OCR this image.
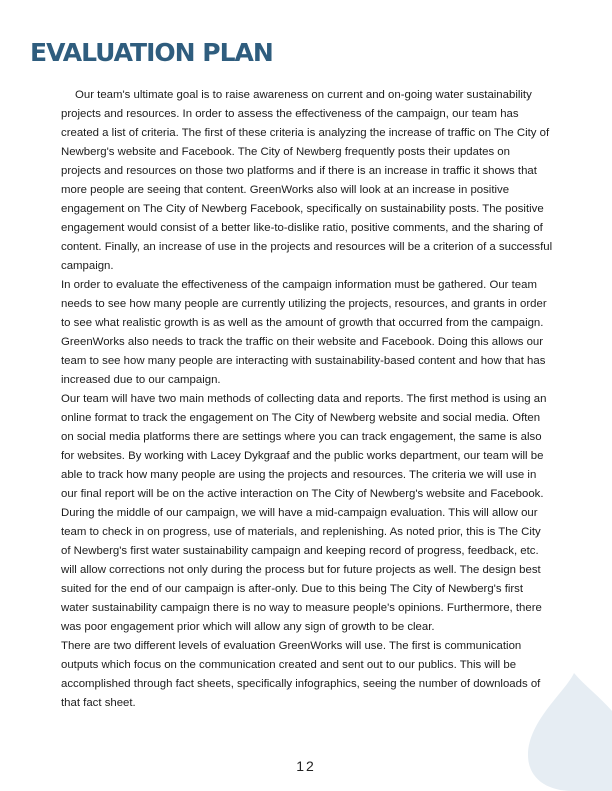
EVALUATION PLAN

Our team's ultimate goal is to raise awareness on current and on-going water sustainability projects and resources. In order to assess the effectiveness of the campaign, our team has created a list of criteria. The first of these criteria is analyzing the increase of traffic on The City of Newberg's website and Facebook. The City of Newberg frequently posts their updates on projects and resources on those two platforms and if there is an increase in traffic it shows that more people are seeing that content. GreenWorks also will look at an increase in positive engagement on The City of Newberg Facebook, specifically on sustainability posts. The positive engagement would consist of a better like-to-dislike ratio, positive comments, and the sharing of content. Finally, an increase of use in the projects and resources will be a criterion of a successful campaign.

In order to evaluate the effectiveness of the campaign information must be gathered. Our team needs to see how many people are currently utilizing the projects, resources, and grants in order to see what realistic growth is as well as the amount of growth that occurred from the campaign. GreenWorks also needs to track the traffic on their website and Facebook. Doing this allows our team to see how many people are interacting with sustainability-based content and how that has increased due to our campaign.

Our team will have two main methods of collecting data and reports. The first method is using an online format to track the engagement on The City of Newberg website and social media. Often on social media platforms there are settings where you can track engagement, the same is also for websites. By working with Lacey Dykgraaf and the public works department, our team will be able to track how many people are using the projects and resources. The criteria we will use in our final report will be on the active interaction on The City of Newberg's website and Facebook.

During the middle of our campaign, we will have a mid-campaign evaluation. This will allow our team to check in on progress, use of materials, and replenishing. As noted prior, this is The City of Newberg's first water sustainability campaign and keeping record of progress, feedback, etc. will allow corrections not only during the process but for future projects as well. The design best suited for the end of our campaign is after-only. Due to this being The City of Newberg's first water sustainability campaign there is no way to measure people's opinions. Furthermore, there was poor engagement prior which will allow any sign of growth to be clear.

There are two different levels of evaluation GreenWorks will use. The first is communication outputs which focus on the communication created and sent out to our publics. This will be accomplished through fact sheets, specifically infographics, seeing the number of downloads of that fact sheet.

12
